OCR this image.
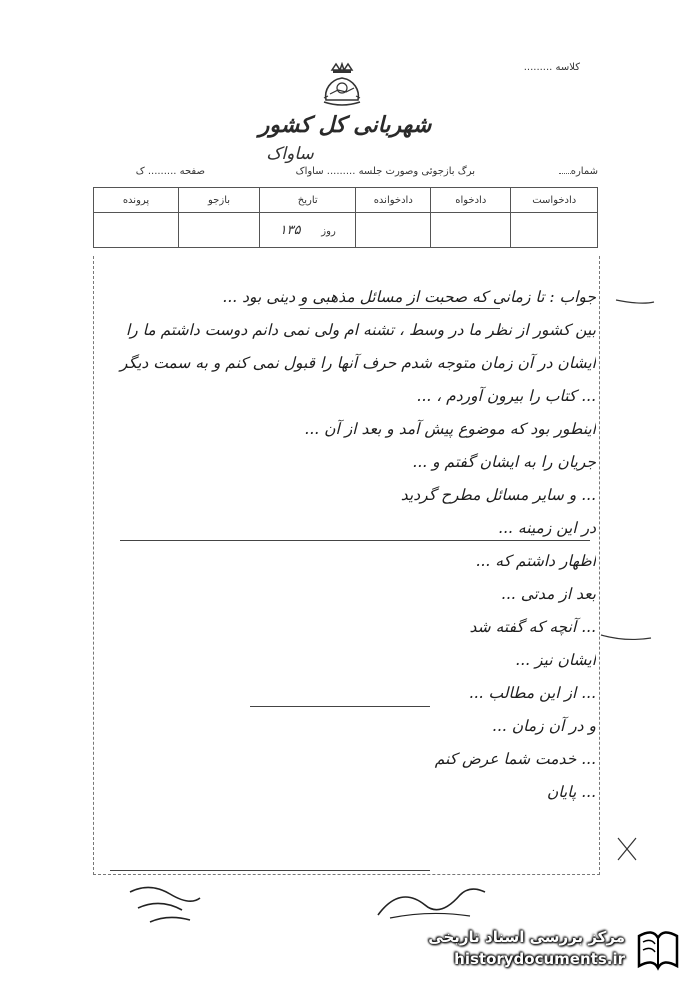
کلاسه .........
شهربانی کل کشور
ساواک
شماره
برگ بازجوئی وصورت جلسه ......... ساواک
صفحه ......... ک
دادخواست	دادخواه	دادخوانده	تاریخ	بازجو	پرونده
			روز     ۱۳۵		
جواب : تا زمانی که صحبت از مسائل مذهبی و دینی بود ...
بین کشور از نظر ما در وسط ، تشنه ام ولی نمی دانم دوست داشتم ما را
ایشان در آن زمان متوجه شدم حرف آنها را قبول نمی کنم و به سمت دیگر
... کتاب را بیرون آوردم ، ...
اینطور بود که موضوع پیش آمد و بعد از آن ...
جریان را به ایشان گفتم و ...
... و سایر مسائل مطرح گردید
در این زمینه ...
اظهار داشتم که ...
بعد از مدتی ...
... آنچه که گفته شد
ایشان نیز ...
... از این مطالب ...
و در آن زمان ...
... خدمت شما عرض کنم
... پایان
مرکز بررسی اسناد تاریخی
historydocuments.ir
